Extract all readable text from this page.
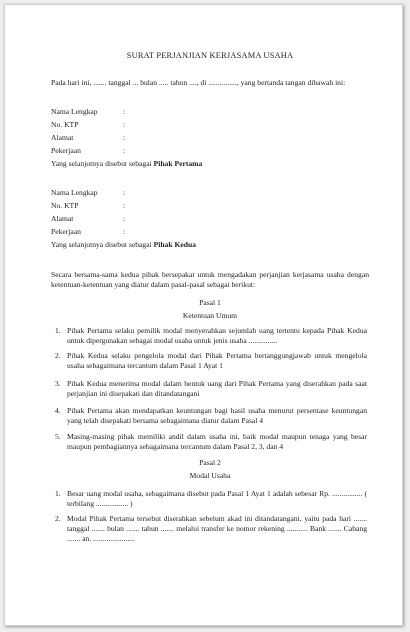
SURAT PERJANJIAN KERJASAMA USAHA
Pada hari ini, ....... tanggal ... bulan ..... tahun ...., di ..............., yang bertanda tangan dibawah ini:
Nama Lengkap	:
No. KTP	:
Alamat	:
Pekerjaan	:
Yang selanjutnya disebut sebagai Pihak Pertama
Nama Lengkap	:
No. KTP	:
Alamat	:
Pekerjaan	:
Yang selanjutnya disebut sebagai Pihak Kedua
Secara bersama-sama kedua pihak bersepakat untuk mengadakan perjanjian kerjasama usaha dengan ketentuan-ketentuan yang diatur dalam pasal-pasal sebagai berikut:
Pasal 1
Ketentuan Umum
1. Pihak Pertama selaku pemilik modal menyerahkan sejumlah uang tertentu kepada Pihak Kedua untuk dipergunakan sebagai modal usaha untuk jenis usaha ...............
2. Pihak Kedua selaku pengelola modal dari Pihak Pertama bertanggungjawab untuk mengelola usaha sebagaimana tercantum dalam Pasal 1 Ayat 1
3. Pihak Kedua menerima modal dalam bentuk uang dari Pihak Pertama yang diserahkan pada saat perjanjian ini disepakati dan ditandatangani
4. Pihak Pertama akan mendapatkan keuntungan bagi hasil usaha menurut persentase keuntungan yang telah disepakati bersama sebagaimana diatur dalam Pasal 4
5. Masing-masing pihak memiliki andil dalam usaha ini, baik modal maupun tenaga yang besar maupun pembagiannya sebagaimana tercantum dalam Pasal 2, 3, dan 4
Pasal 2
Modal Usaha
1. Besar uang modal usaha, sebagaimana disebut pada Pasal 1 Ayat 1 adalah sebesar Rp. ................ ( terbilang ................. )
2. Modal Pihak Pertama tersebut diserahkan sebelum akad ini ditandatangani, yaitu pada hari ....... tanggal ....... bulan ....... tahun ....... melalui transfer ke nomor rekening ........... Bank ....... Cabang ....... an. ......................
